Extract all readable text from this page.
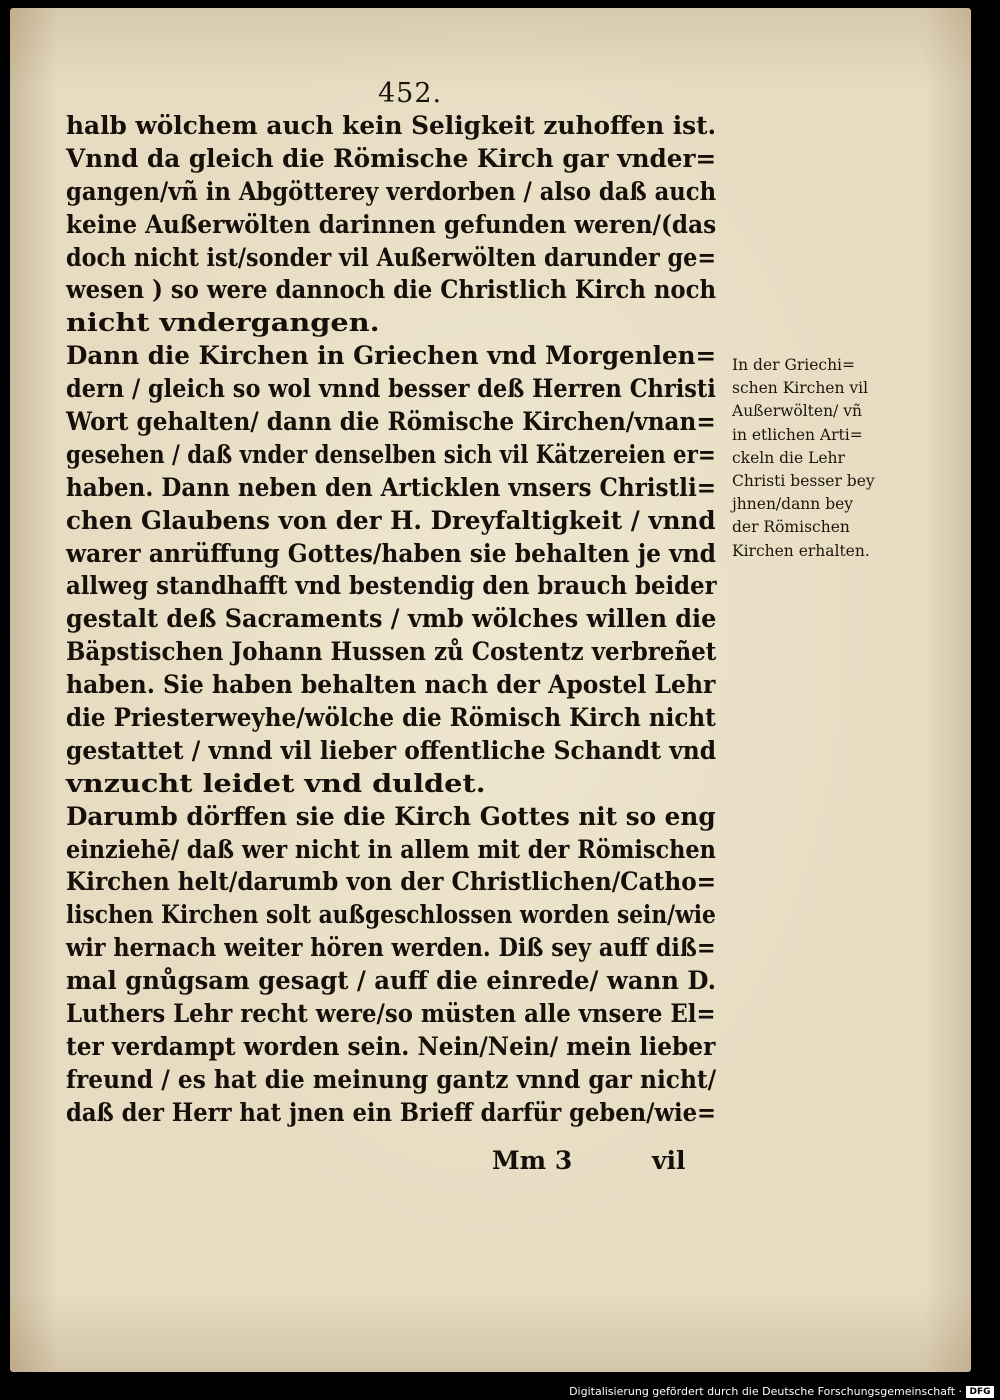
452.
halb wölchem auch kein Seligkeit zuhoffen ist.
Vnnd da gleich die Römische Kirch gar vnder=
gangen/vñ in Abgötterey verdorben / also daß auch
keine Außerwölten darinnen gefunden weren/(das
doch nicht ist/sonder vil Außerwölten darunder ge=
wesen ) so were dannoch die Christlich Kirch noch
nicht vndergangen.
Dann die Kirchen in Griechen vnd Morgenlen=
dern / gleich so wol vnnd besser deß Herren Christi
Wort gehalten/ dann die Römische Kirchen/vnan=
gesehen / daß vnder denselben sich vil Kätzereien er=
haben. Dann neben den Articklen vnsers Christli=
chen Glaubens von der H. Dreyfaltigkeit / vnnd
warer anrüffung Gottes/haben sie behalten je vnd
allweg standhafft vnd bestendig den brauch beider
gestalt deß Sacraments / vmb wölches willen die
Bäpstischen Johann Hussen zů Costentz verbreñet
haben. Sie haben behalten nach der Apostel Lehr
die Priesterweyhe/wölche die Römisch Kirch nicht
gestattet / vnnd vil lieber offentliche Schandt vnd
vnzucht leidet vnd duldet.
Darumb dörffen sie die Kirch Gottes nit so eng
einziehē/ daß wer nicht in allem mit der Römischen
Kirchen helt/darumb von der Christlichen/Catho=
lischen Kirchen solt außgeschlossen worden sein/wie
wir hernach weiter hören werden. Diß sey auff diß=
mal gnůgsam gesagt / auff die einrede/ wann D.
Luthers Lehr recht were/so müsten alle vnsere El=
ter verdampt worden sein. Nein/Nein/ mein lieber
freund / es hat die meinung gantz vnnd gar nicht/
daß der Herr hat jnen ein Brieff darfür geben/wie=
In der Griechi=
schen Kirchen vil
Außerwölten/ vñ
in etlichen Arti=
ckeln die Lehr
Christi besser bey
jhnen/dann bey
der Römischen
Kirchen erhalten.
Mm 3	vil
Digitalisierung gefördert durch die Deutsche Forschungsgemeinschaft · DFG
